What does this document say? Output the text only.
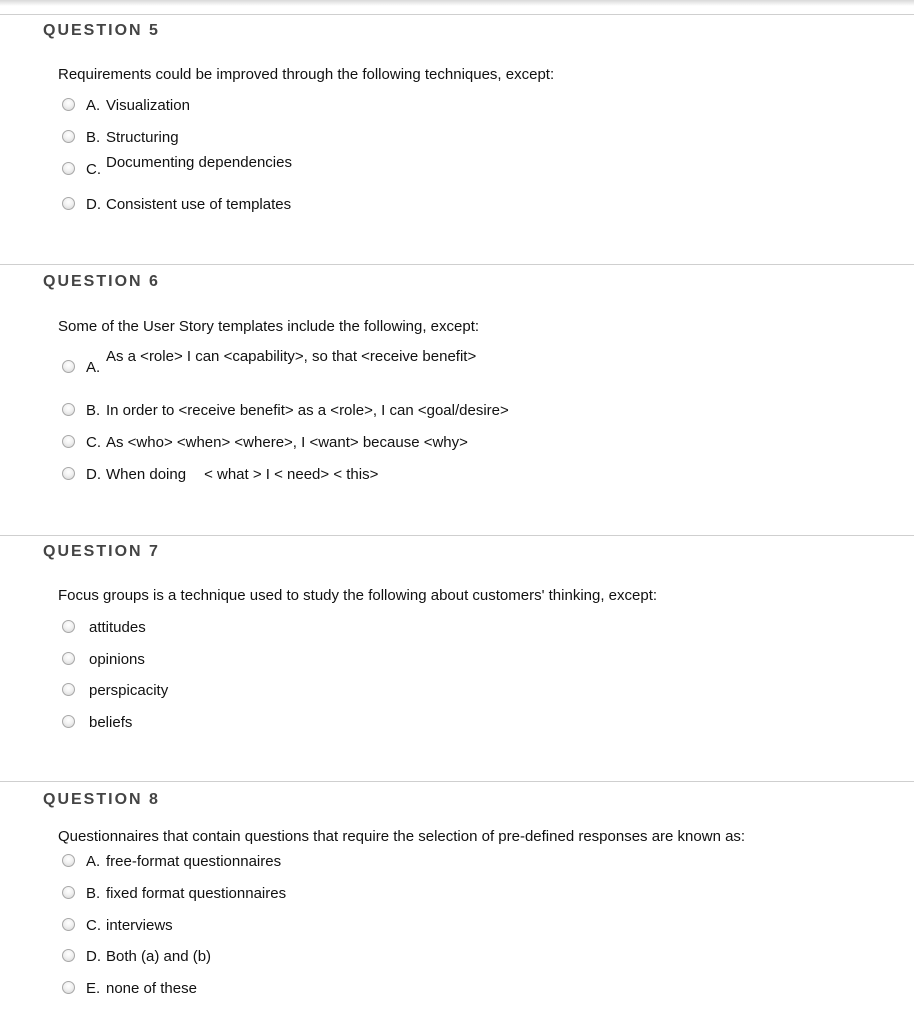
QUESTION 5
Requirements could be improved through the following techniques, except:
A. Visualization
B. Structuring
C. Documenting dependencies
D. Consistent use of templates
QUESTION 6
Some of the User Story templates include the following, except:
A.
As a <role> I can <capability>, so that <receive benefit>
B. In order to <receive benefit> as a <role>, I can <goal/desire>
C. As <who> <when> <where>, I <want> because <why>
D. When doing < what > I < need> < this>
QUESTION 7
Focus groups is a technique used to study the following about customers' thinking, except:
attitudes
opinions
perspicacity
beliefs
QUESTION 8
Questionnaires that contain questions that require the selection of pre-defined responses are known as:
A. free-format questionnaires
B. fixed format questionnaires
C. interviews
D. Both (a) and (b)
E. none of these
